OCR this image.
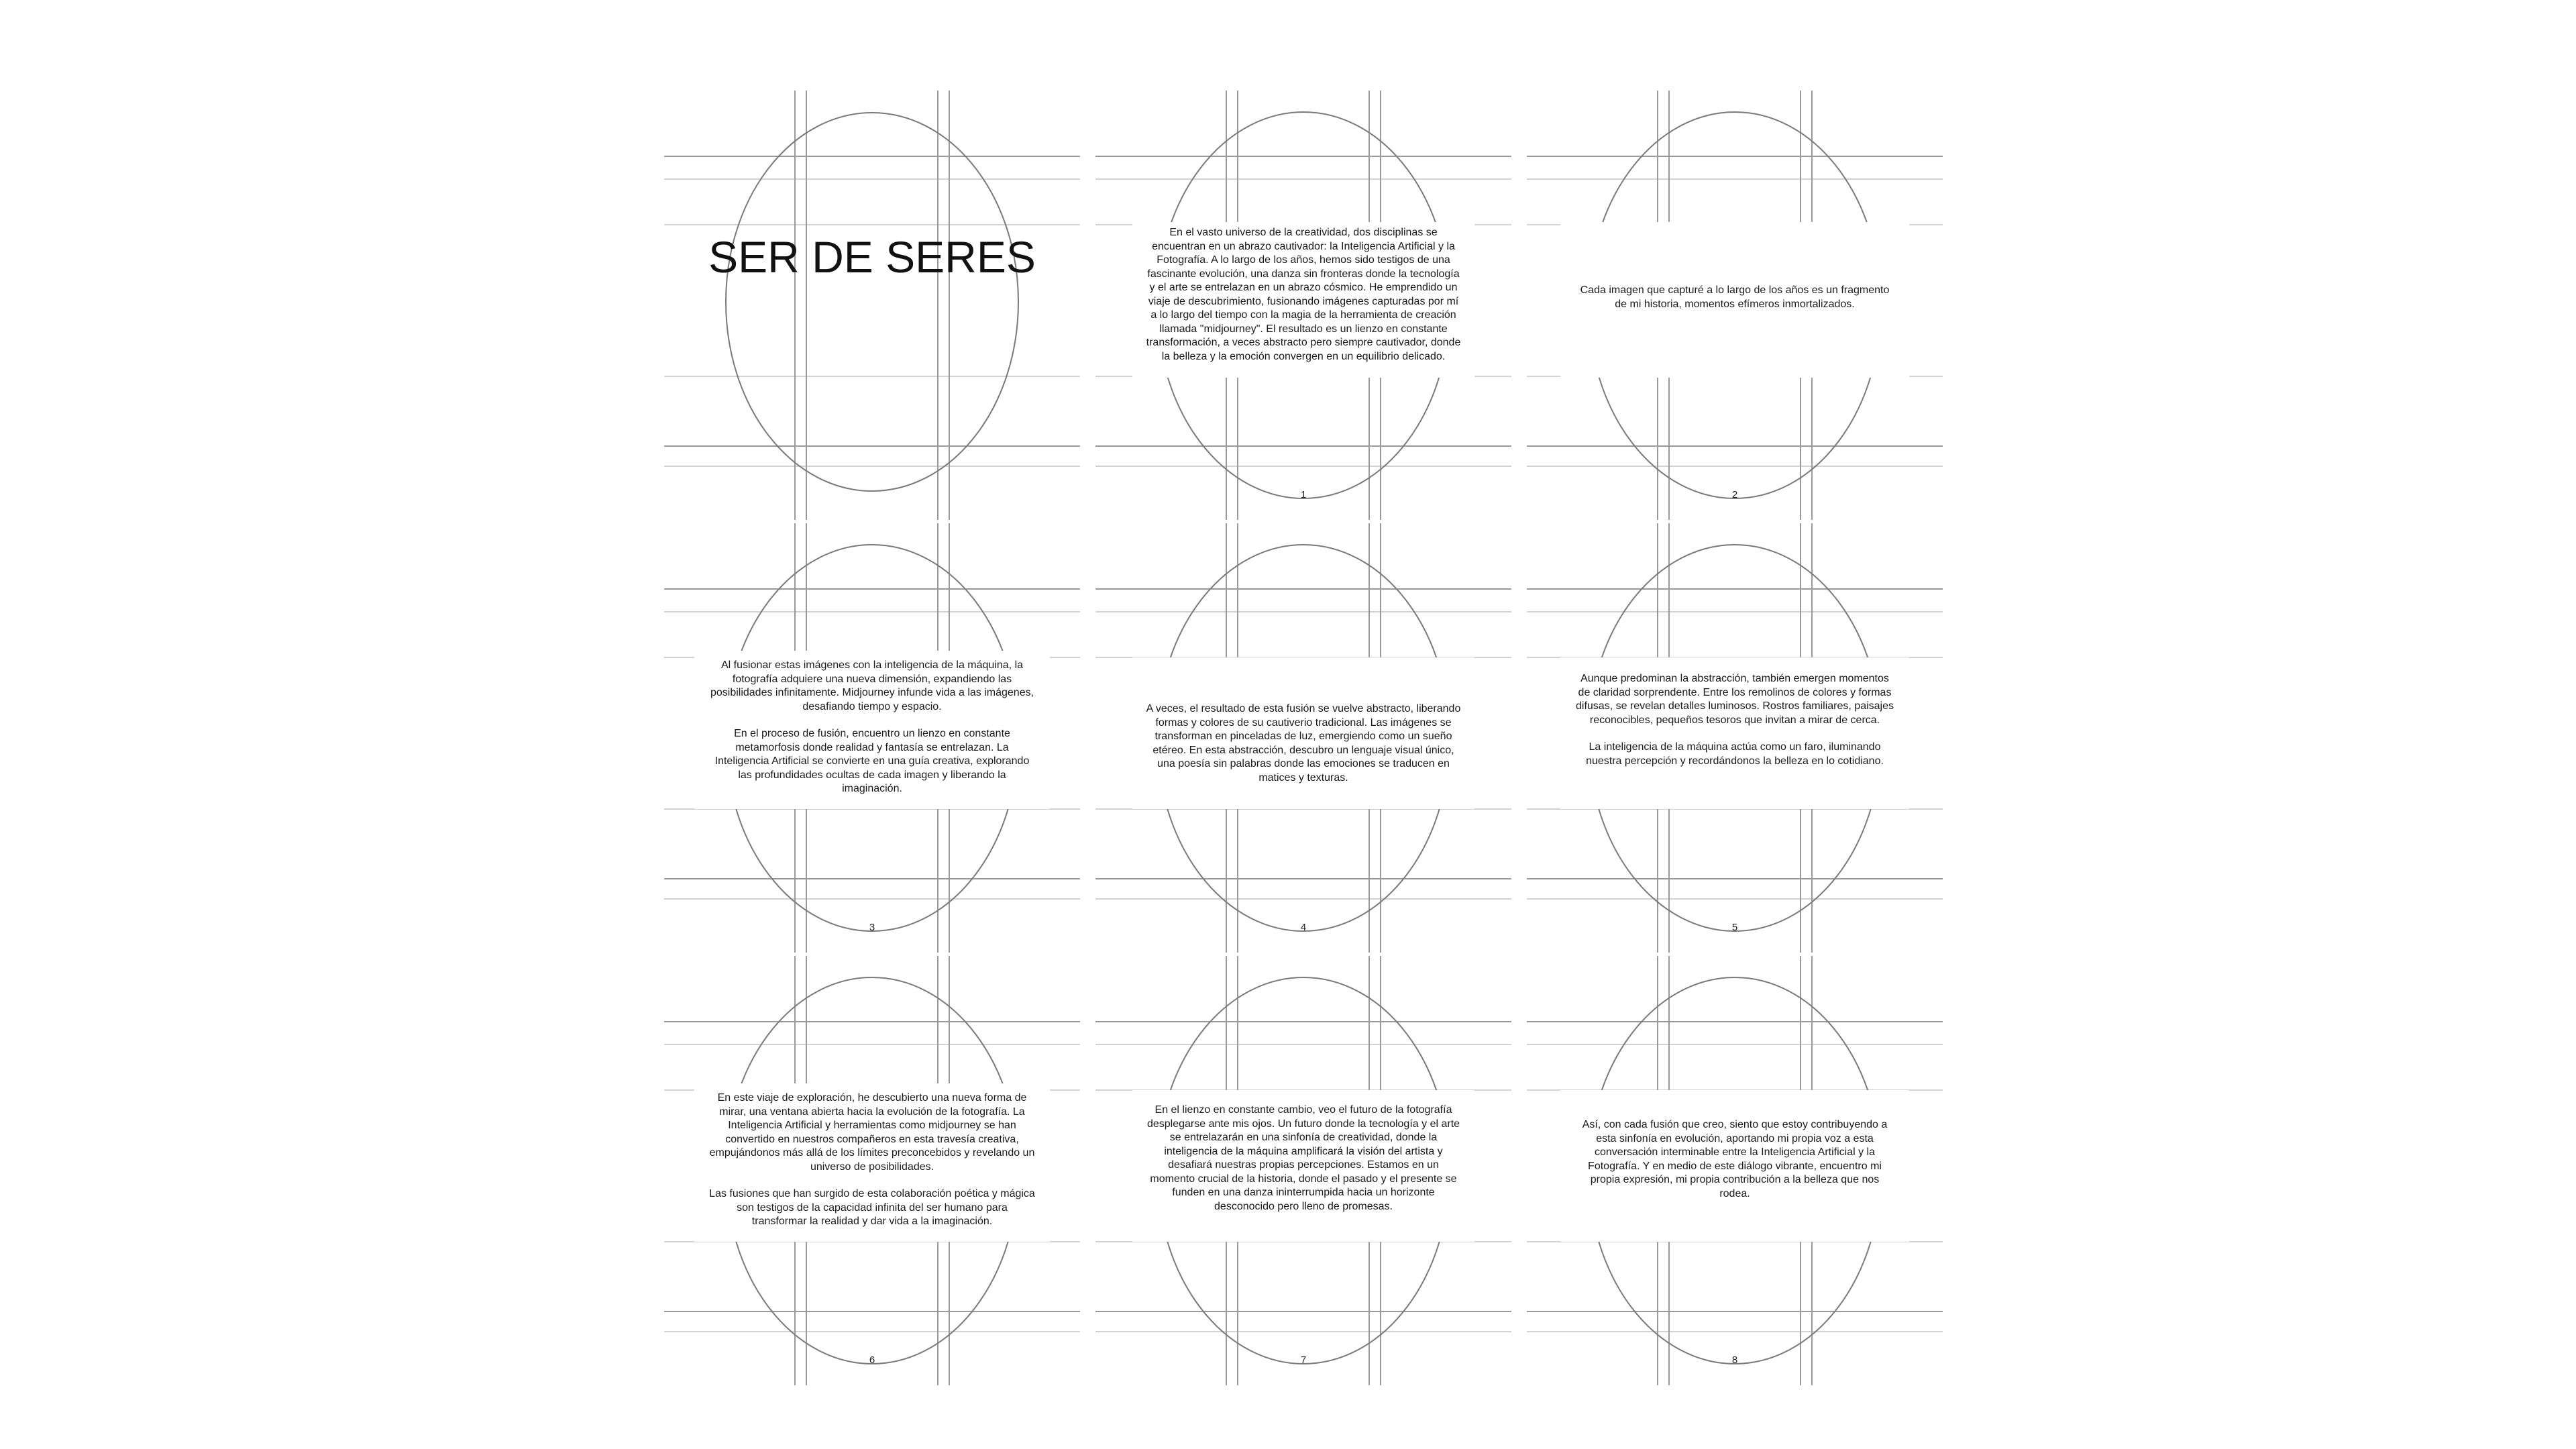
SER DE SERES	En el vasto universo de la creatividad, dos disciplinas se encuentran en un abrazo cautivador: la Inteligencia Artificial y la Fotografía. A lo largo de los años, hemos sido testigos de una fascinante evolución, una danza sin fronteras donde la tecnología y el arte se entrelazan en un abrazo cósmico. He emprendido un viaje de descubrimiento, fusionando imágenes capturadas por mí a lo largo del tiempo con la magia de la herramienta de creación llamada "midjourney". El resultado es un lienzo en constante transformación, a veces abstracto pero siempre cautivador, donde la belleza y la emoción convergen en un equilibrio delicado.

1

Cada imagen que capturé a lo largo de los años es un fragmento de mi historia, momentos efímeros inmortalizados.

2

Al fusionar estas imágenes con la inteligencia de la máquina, la fotografía adquiere una nueva dimensión, expandiendo las posibilidades infinitamente. Midjourney infunde vida a las imágenes, desafiando tiempo y espacio.

En el proceso de fusión, encuentro un lienzo en constante metamorfosis donde realidad y fantasía se entrelazan. La Inteligencia Artificial se convierte en una guía creativa, explorando las profundidades ocultas de cada imagen y liberando la imaginación.

3

A veces, el resultado de esta fusión se vuelve abstracto, liberando formas y colores de su cautiverio tradicional. Las imágenes se transforman en pinceladas de luz, emergiendo como un sueño etéreo. En esta abstracción, descubro un lenguaje visual único, una poesía sin palabras donde las emociones se traducen en matices y texturas.

4

Aunque predominan la abstracción, también emergen momentos de claridad sorprendente. Entre los remolinos de colores y formas difusas, se revelan detalles luminosos. Rostros familiares, paisajes reconocibles, pequeños tesoros que invitan a mirar de cerca.

La inteligencia de la máquina actúa como un faro, iluminando nuestra percepción y recordándonos la belleza en lo cotidiano.

5

En este viaje de exploración, he descubierto una nueva forma de mirar, una ventana abierta hacia la evolución de la fotografía. La Inteligencia Artificial y herramientas como midjourney se han convertido en nuestros compañeros en esta travesía creativa, empujándonos más allá de los límites preconcebidos y revelando un universo de posibilidades.

Las fusiones que han surgido de esta colaboración poética y mágica son testigos de la capacidad infinita del ser humano para transformar la realidad y dar vida a la imaginación.

6

En el lienzo en constante cambio, veo el futuro de la fotografía desplegarse ante mis ojos. Un futuro donde la tecnología y el arte se entrelazarán en una sinfonía de creatividad, donde la inteligencia de la máquina amplificará la visión del artista y desafiará nuestras propias percepciones. Estamos en un momento crucial de la historia, donde el pasado y el presente se funden en una danza ininterrumpida hacia un horizonte desconocido pero lleno de promesas.

7

Así, con cada fusión que creo, siento que estoy contribuyendo a esta sinfonía en evolución, aportando mi propia voz a esta conversación interminable entre la Inteligencia Artificial y la Fotografía. Y en medio de este diálogo vibrante, encuentro mi propia expresión, mi propia contribución a la belleza que nos rodea.

8
